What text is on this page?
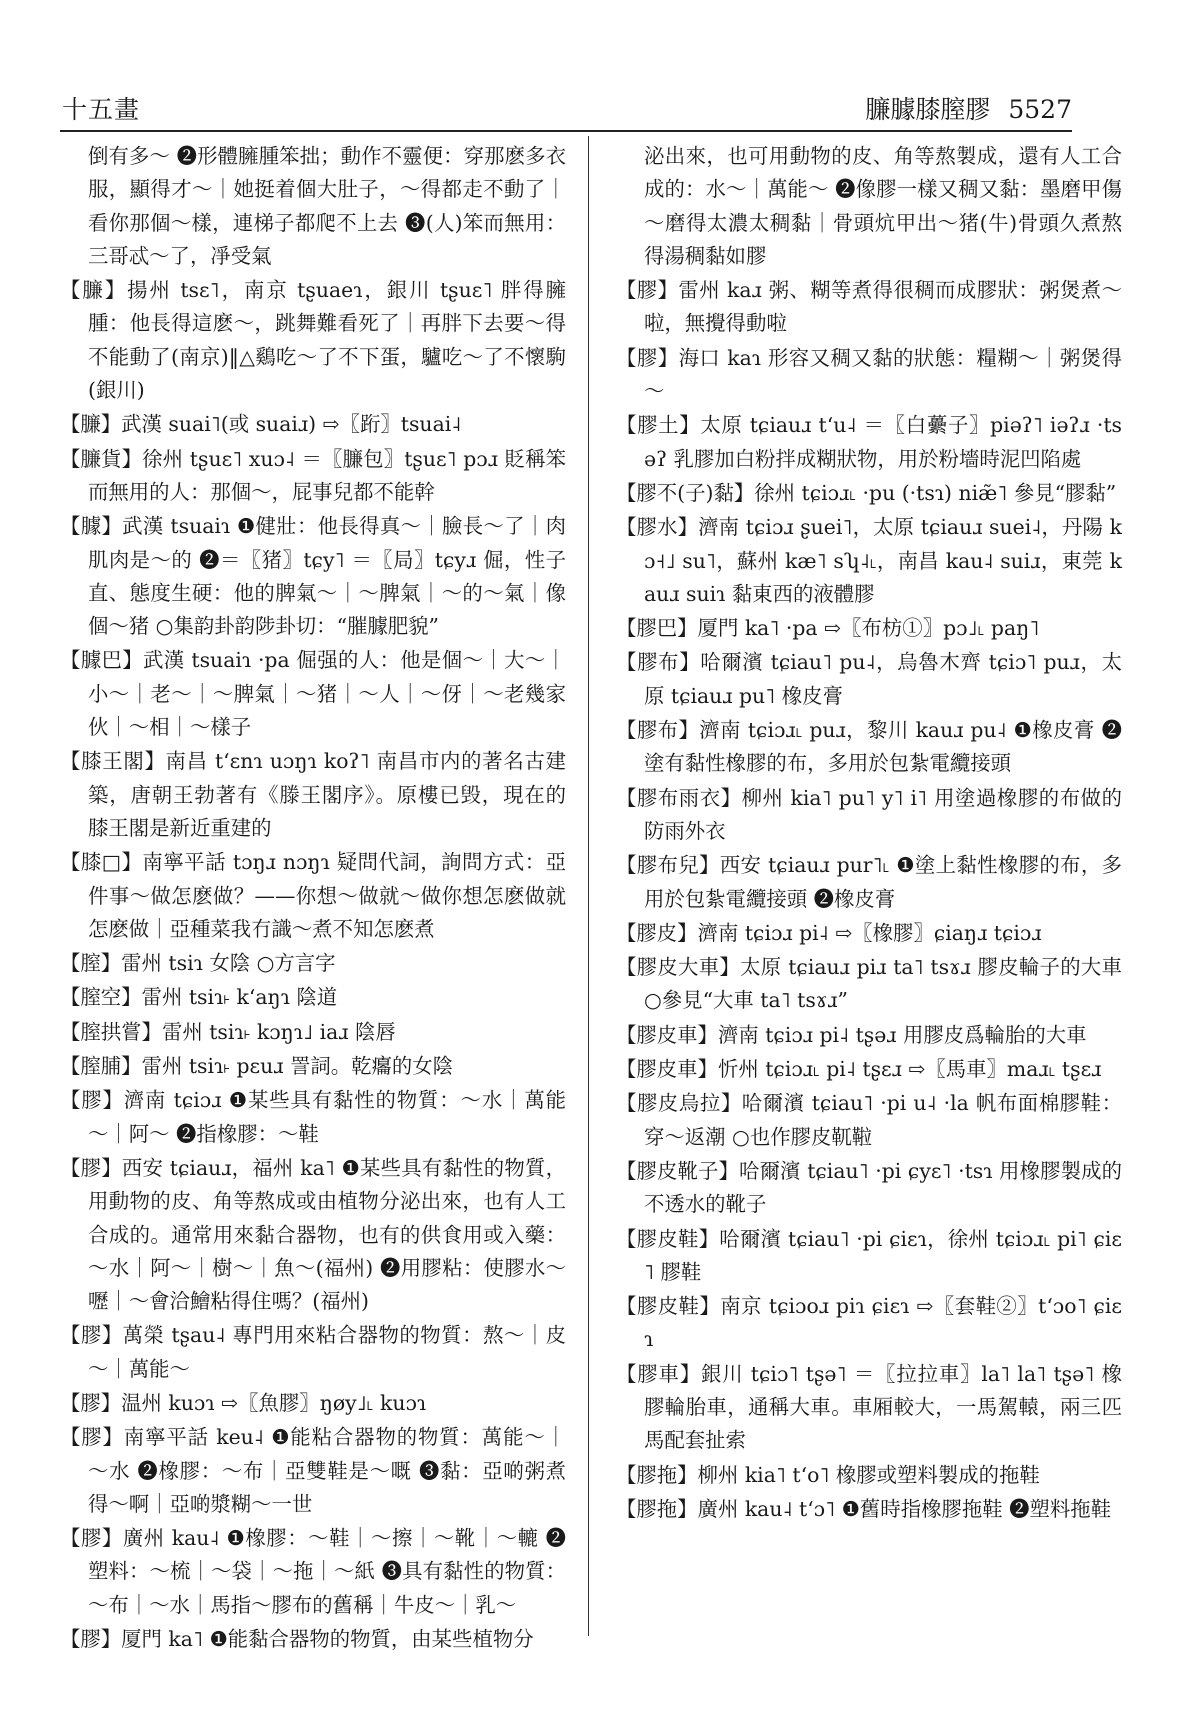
十五畫	臁臄膝膣膠 5527

倒有多～ ❷形體臃腫笨拙；動作不靈便：穿那麽多衣服，顯得才～｜她挺着個大肚子，～得都走不動了｜看你那個～樣，連梯子都爬不上去 ❸(人)笨而無用：三哥忒～了，凈受氣

【臁】揚州 tsɛ˥，南京 tʂuaeɿ，銀川 tʂuɛ˥ 胖得臃腫：他長得這麽～，跳舞難看死了｜再胖下去要～得不能動了(南京)‖△鷄吃～了不下蛋，驢吃～了不懷駒(銀川)

【臁】武漢 suai˥(或 suaiɹ) ⇨〖䟰〗tsuai˨

【臁貨】徐州 tʂuɛ˥ xuɔ˨ ＝〖臁包〗tʂuɛ˥ pɔɹ 貶稱笨而無用的人：那個～，屁事兒都不能幹

【臄】武漢 tsuaiɿ ❶健壯：他長得真～｜臉長～了｜肉肌肉是～的 ❷＝〖猪〗tɕy˥ ＝〖局〗tɕyɹ 倔，性子直、態度生硬：他的脾氣～｜～脾氣｜～的～氣｜像個～猪 ○集韵卦韵陟卦切：“膗臄肥貌”

【臄巴】武漢 tsuaiɿ ·pa 倔强的人：他是個～｜大～｜小～｜老～｜～脾氣｜～猪｜～人｜～伢｜～老幾家伙｜～相｜～樣子

【膝王閣】南昌 tʻɛnɿ uɔŋɿ koʔ˥ 南昌市内的著名古建築，唐朝王勃著有《滕王閣序》。原樓已毁，現在的膝王閣是新近重建的

【膝□】南寧平話 tɔŋɹ nɔŋɿ 疑問代詞，詢問方式：亞件事～做怎麽做？——你想～做就～做你想怎麽做就怎麽做｜亞種菜我冇識～煮不知怎麽煮

【膣】雷州 tsiɿ 女陰 ○方言字

【膣空】雷州 tsiɿ˫ kʻaŋɿ 陰道

【膣拱嘗】雷州 tsiɿ˫ kɔŋɿ˩ iaɹ 陰唇

【膣脯】雷州 tsiɿ˫ pɛuɹ 詈詞。乾癟的女陰

【膠】濟南 tɕiɔɹ ❶某些具有黏性的物質：～水｜萬能～｜阿～ ❷指橡膠：～鞋

【膠】西安 tɕiauɹ，福州 ka˥ ❶某些具有黏性的物質，用動物的皮、角等熬成或由植物分泌出來，也有人工合成的。通常用來黏合器物，也有的供食用或入藥：～水｜阿～｜樹～｜魚～(福州) ❷用膠粘：使膠水～嚦｜～會洽鱠粘得住嗎？(福州)

【膠】萬榮 tʂau˨ 專門用來粘合器物的物質：熬～｜皮～｜萬能～

【膠】温州 kuɔɿ ⇨〖魚膠〗ŋøy˩˪ kuɔɿ

【膠】南寧平話 keu˨ ❶能粘合器物的物質：萬能～｜～水 ❷橡膠：～布｜亞雙鞋是～嘅 ❸黏：亞啲粥煮得～啊｜亞啲漿糊～一世

【膠】廣州 kau˨ ❶橡膠：～鞋｜～擦｜～靴｜～轆 ❷塑料：～梳｜～袋｜～拖｜～紙 ❸具有黏性的物質：～布｜～水｜馬指～膠布的舊稱｜牛皮～｜乳～

【膠】厦門 ka˥ ❶能黏合器物的物質，由某些植物分

泌出來，也可用動物的皮、角等熬製成，還有人工合成的：水～｜萬能～ ❷像膠一樣又稠又黏：墨磨甲傷～磨得太濃太稠黏｜骨頭炕甲出～猪(牛)骨頭久煮熬得湯稠黏如膠

【膠】雷州 kaɹ 粥、糊等煮得很稠而成膠狀：粥煲煮～啦，無攪得動啦

【膠】海口 kaɿ 形容又稠又黏的狀態：糧糊～｜粥煲得～

【膠土】太原 tɕiauɹ tʻu˨ ＝〖白虆子〗piəʔ˥ iəʔɹ ·tsəʔ 乳膠加白粉拌成糊狀物，用於粉墻時泥凹陷處

【膠不(子)黏】徐州 tɕiɔɹ˪ ·pu (·tsɿ) niæ̃˥ 參見“膠黏”

【膠水】濟南 tɕiɔɹ ʂuei˥，太原 tɕiauɹ suei˨，丹陽 kɔ˧˩ su˥，蘇州 kæ˥ sʮ˨˪，南昌 kau˨ suiɹ，東莞 kauɹ suiɿ 黏東西的液體膠

【膠巴】厦門 ka˥ ·pa ⇨〖布枋①〗pɔ˩˪ paŋ˥

【膠布】哈爾濱 tɕiau˥ pu˨，烏魯木齊 tɕiɔ˥ puɹ，太原 tɕiauɹ pu˥ 橡皮膏

【膠布】濟南 tɕiɔɹ˪ puɹ，黎川 kauɹ pu˨ ❶橡皮膏 ❷塗有黏性橡膠的布，多用於包紮電纜接頭

【膠布雨衣】柳州 kia˥ pu˥ y˥ i˥ 用塗過橡膠的布做的防雨外衣

【膠布兒】西安 tɕiauɹ pur˥˪ ❶塗上黏性橡膠的布，多用於包紮電纜接頭 ❷橡皮膏

【膠皮】濟南 tɕiɔɹ pi˨ ⇨〖橡膠〗ɕiaŋɹ tɕiɔɹ

【膠皮大車】太原 tɕiauɹ piɹ ta˥ tsɤɹ 膠皮輪子的大車 ○參見“大車 ta˥ tsɤɹ”

【膠皮車】濟南 tɕiɔɹ pi˨ tʂəɹ 用膠皮爲輪胎的大車

【膠皮車】忻州 tɕiɔɹ˪ pi˨ tʂɛɹ ⇨〖馬車〗maɹ˪ tʂɛɹ

【膠皮烏拉】哈爾濱 tɕiau˥ ·pi u˨ ·la 帆布面棉膠鞋：穿～返潮 ○也作膠皮靰鞡

【膠皮靴子】哈爾濱 tɕiau˥ ·pi ɕyɛ˥ ·tsɿ 用橡膠製成的不透水的靴子

【膠皮鞋】哈爾濱 tɕiau˥ ·pi ɕiɛɿ，徐州 tɕiɔɹ˪ pi˥ ɕiɛ˥ 膠鞋

【膠皮鞋】南京 tɕiɔoɹ piɿ ɕiɛɿ ⇨〖套鞋②〗tʻɔo˥ ɕiɛɿ

【膠車】銀川 tɕiɔ˥ tʂə˥ ＝〖拉拉車〗la˥ la˥ tʂə˥ 橡膠輪胎車，通稱大車。車厢較大，一馬駕轅，兩三匹馬配套扯索

【膠拖】柳州 kia˥ tʻo˥ 橡膠或塑料製成的拖鞋

【膠拖】廣州 kau˨ tʻɔ˥ ❶舊時指橡膠拖鞋 ❷塑料拖鞋
